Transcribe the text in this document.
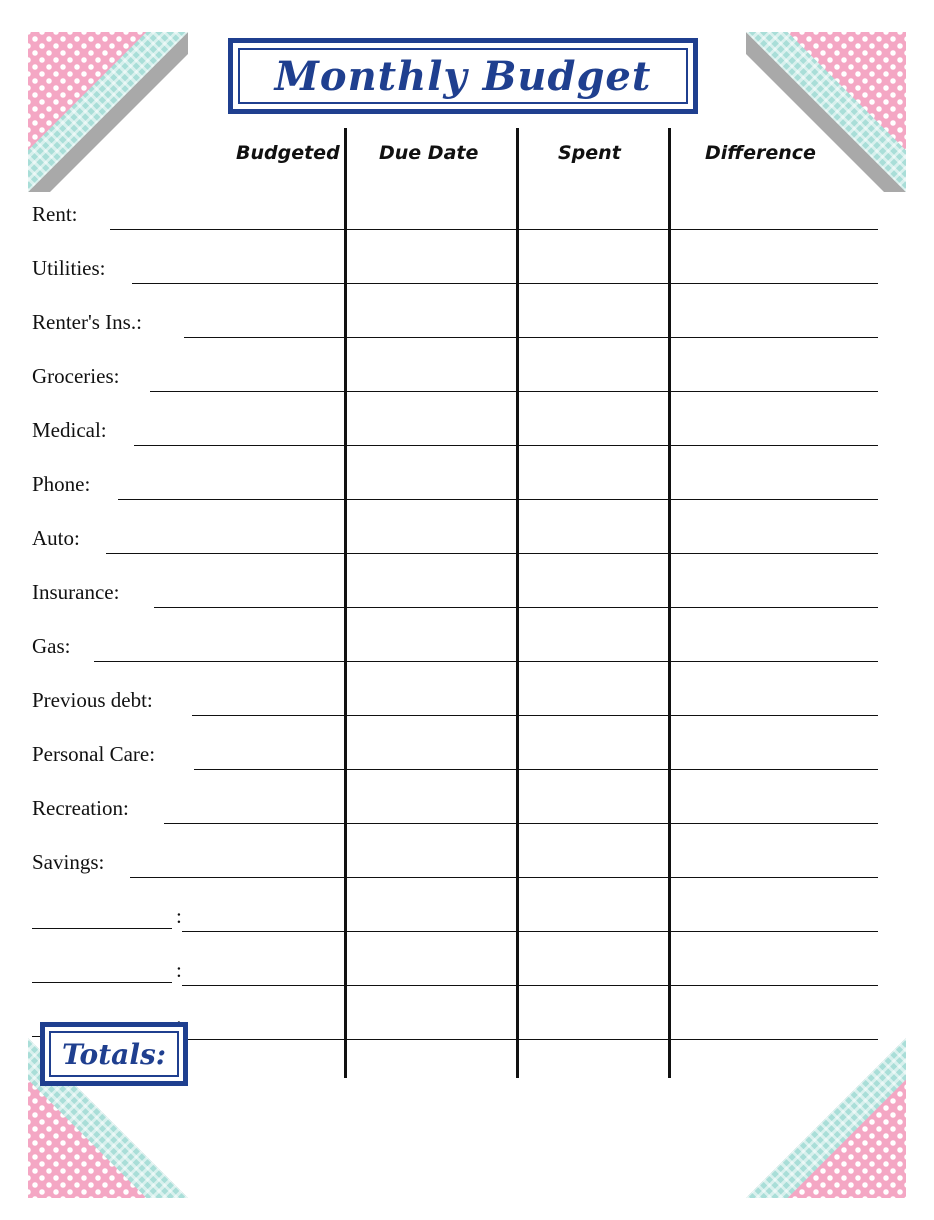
Monthly Budget
Budgeted Due Date	Spent	Difference
Rent:
Utilities:
Renter's Ins.:
Groceries:
Medical:
Phone:
Auto:
Insurance:
Gas:
Previous debt:
Personal Care:
Recreation:
Savings:
:
:
Totals:
